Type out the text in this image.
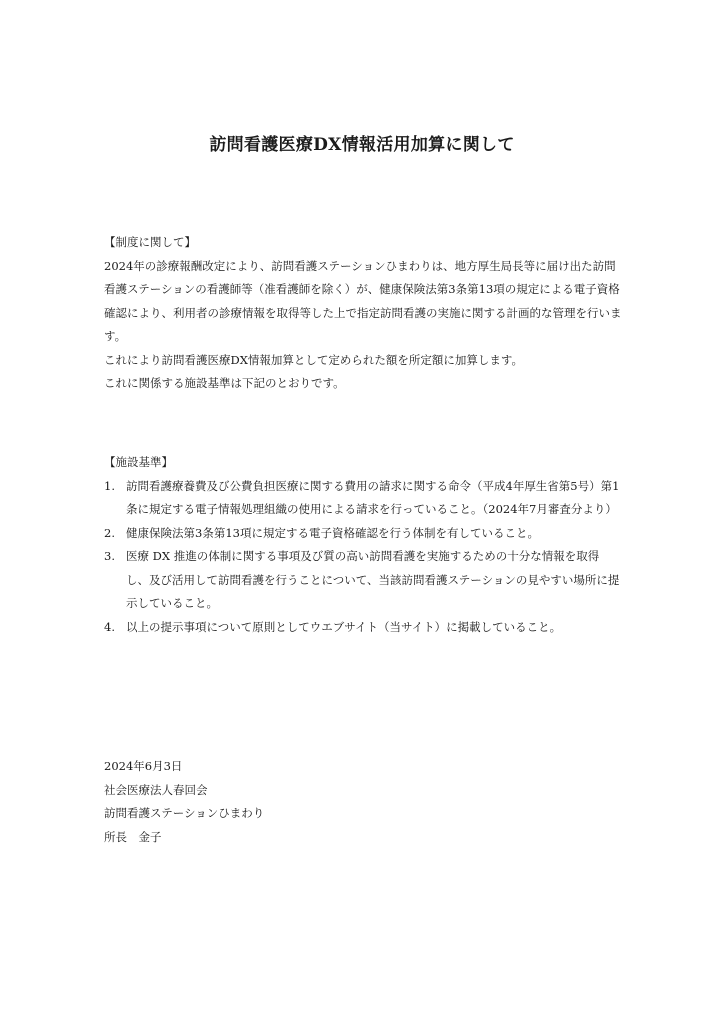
訪問看護医療DX情報活用加算に関して

【制度に関して】

2024年の診療報酬改定により、訪問看護ステーションひまわりは、地方厚生局長等に届け出た訪問看護ステーションの看護師等（准看護師を除く）が、健康保険法第3条第13項の規定による電子資格確認により、利用者の診療情報を取得等した上で指定訪問看護の実施に関する計画的な管理を行います。

これにより訪問看護医療DX情報加算として定められた額を所定額に加算します。

これに関係する施設基準は下記のとおりです。

【施設基準】

1. 訪問看護療養費及び公費負担医療に関する費用の請求に関する命令（平成4年厚生省第5号）第1条に規定する電子情報処理組織の使用による請求を行っていること。（2024年7月審査分より）
2. 健康保険法第3条第13項に規定する電子資格確認を行う体制を有していること。
3. 医療 DX 推進の体制に関する事項及び質の高い訪問看護を実施するための十分な情報を取得し、及び活用して訪問看護を行うことについて、当該訪問看護ステーションの見やすい場所に提示していること。
4. 以上の提示事項について原則としてウエブサイト（当サイト）に掲載していること。

2024年6月3日

社会医療法人春回会

訪問看護ステーションひまわり

所長　金子
